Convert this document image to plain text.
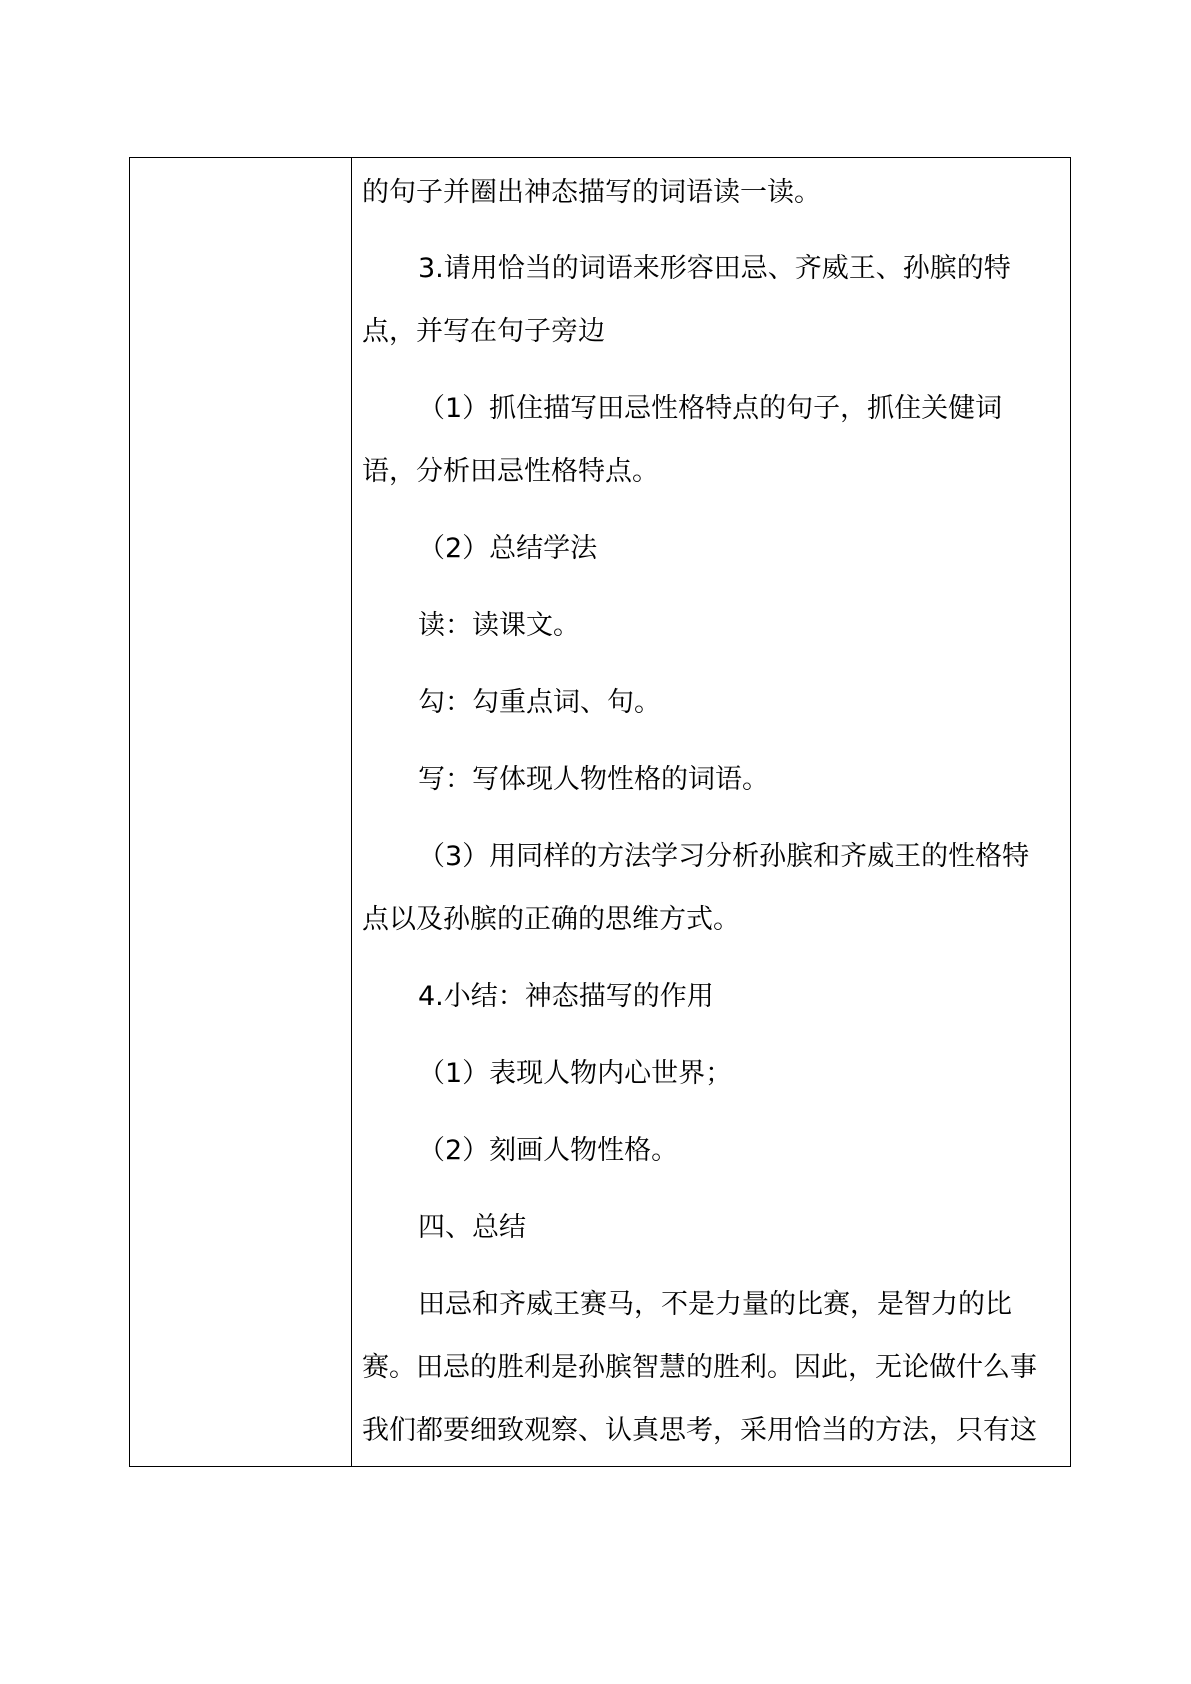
的句子并圈出神态描写的词语读一读。

3.请用恰当的词语来形容田忌、齐威王、孙膑的特

点，并写在句子旁边

（1）抓住描写田忌性格特点的句子，抓住关健词

语，分析田忌性格特点。

（2）总结学法

读：读课文。

勾：勾重点词、句。

写：写体现人物性格的词语。

（3）用同样的方法学习分析孙膑和齐威王的性格特

点以及孙膑的正确的思维方式。

4.小结：神态描写的作用

（1）表现人物内心世界；

（2）刻画人物性格。

四、总结

田忌和齐威王赛马，不是力量的比赛，是智力的比

赛。田忌的胜利是孙膑智慧的胜利。因此，无论做什么事

我们都要细致观察、认真思考，采用恰当的方法，只有这
